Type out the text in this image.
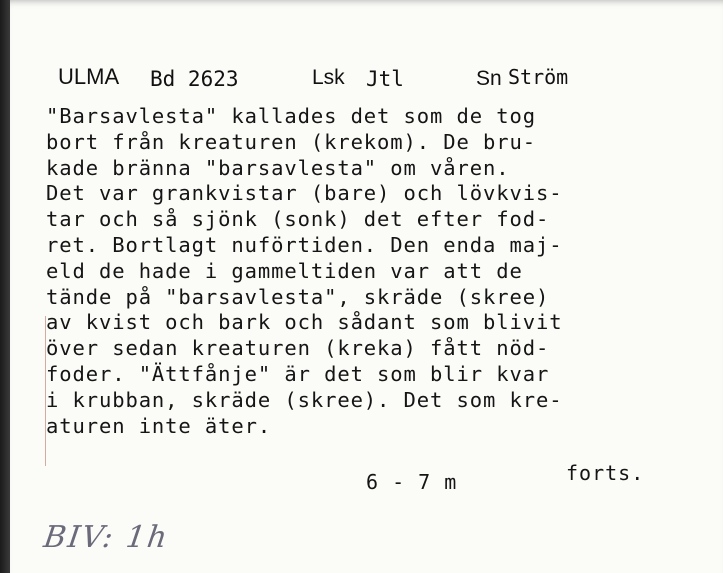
ULMA Bd 2623	Lsk Jtl	Sn Ström

"Barsavlesta" kallades det som de tog
bort från kreaturen (krekom). De bru-
kade bränna "barsavlesta" om våren.
Det var grankvistar (bare) och lövkvis-
tar och så sjönk (sonk) det efter fod-
ret. Bortlagt nuförtiden. Den enda maj-
eld de hade i gammeltiden var att de
tände på "barsavlesta", skräde (skree)
av kvist och bark och sådant som blivit
över sedan kreaturen (kreka) fått nöd-
foder. "Ättfånje" är det som blir kvar
i krubban, skräde (skree). Det som kre-
aturen inte äter.

6 - 7 m	forts.
BIV: 1h
